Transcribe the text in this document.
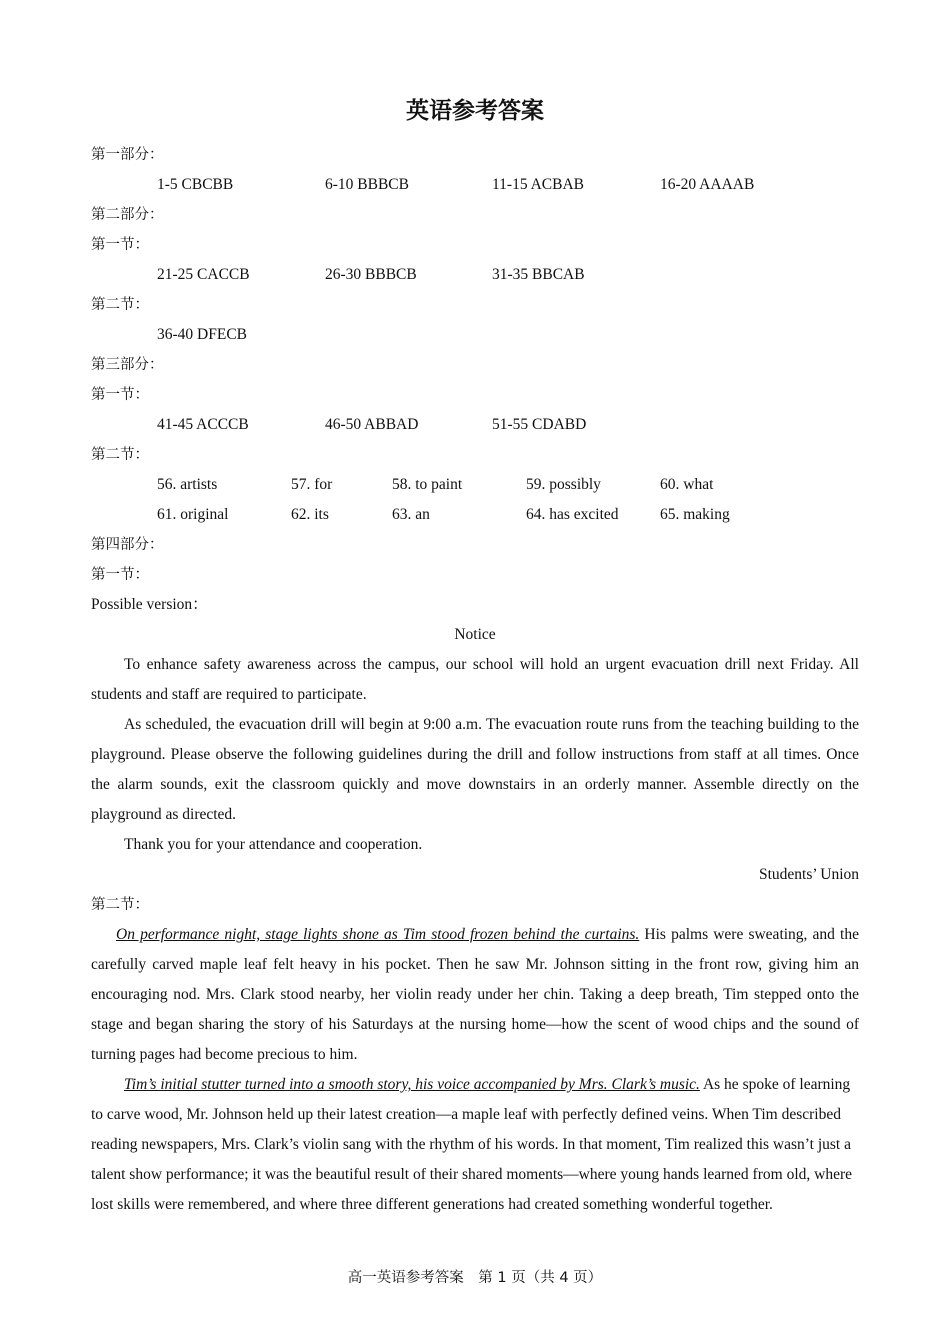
英语参考答案
第一部分：
1-5 CBCBB	6-10 BBBCB	11-15 ACBAB	16-20 AAAAB
第二部分：
第一节：
21-25 CACCB	26-30 BBBCB	31-35 BBCAB
第二节：
36-40 DFECB
第三部分：
第一节：
41-45 ACCCB	46-50 ABBAD	51-55 CDABD
第二节：
56. artists	57. for	58. to paint	59. possibly	60. what
61. original	62. its	63. an	64. has excited	65. making
第四部分：
第一节：
Possible version：
Notice
To enhance safety awareness across the campus, our school will hold an urgent evacuation drill next Friday. All students and staff are required to participate.
As scheduled, the evacuation drill will begin at 9:00 a.m. The evacuation route runs from the teaching building to the playground. Please observe the following guidelines during the drill and follow instructions from staff at all times. Once the alarm sounds, exit the classroom quickly and move downstairs in an orderly manner. Assemble directly on the playground as directed.
Thank you for your attendance and cooperation.
Students’ Union
第二节：
On performance night, stage lights shone as Tim stood frozen behind the curtains. His palms were sweating, and the carefully carved maple leaf felt heavy in his pocket. Then he saw Mr. Johnson sitting in the front row, giving him an encouraging nod. Mrs. Clark stood nearby, her violin ready under her chin. Taking a deep breath, Tim stepped onto the stage and began sharing the story of his Saturdays at the nursing home—how the scent of wood chips and the sound of turning pages had become precious to him.
Tim’s initial stutter turned into a smooth story, his voice accompanied by Mrs. Clark’s music. As he spoke of learning to carve wood, Mr. Johnson held up their latest creation—a maple leaf with perfectly defined veins. When Tim described reading newspapers, Mrs. Clark’s violin sang with the rhythm of his words. In that moment, Tim realized this wasn’t just a talent show performance; it was the beautiful result of their shared moments—where young hands learned from old, where lost skills were remembered, and where three different generations had created something wonderful together.
高一英语参考答案　第 1 页（共 4 页）
